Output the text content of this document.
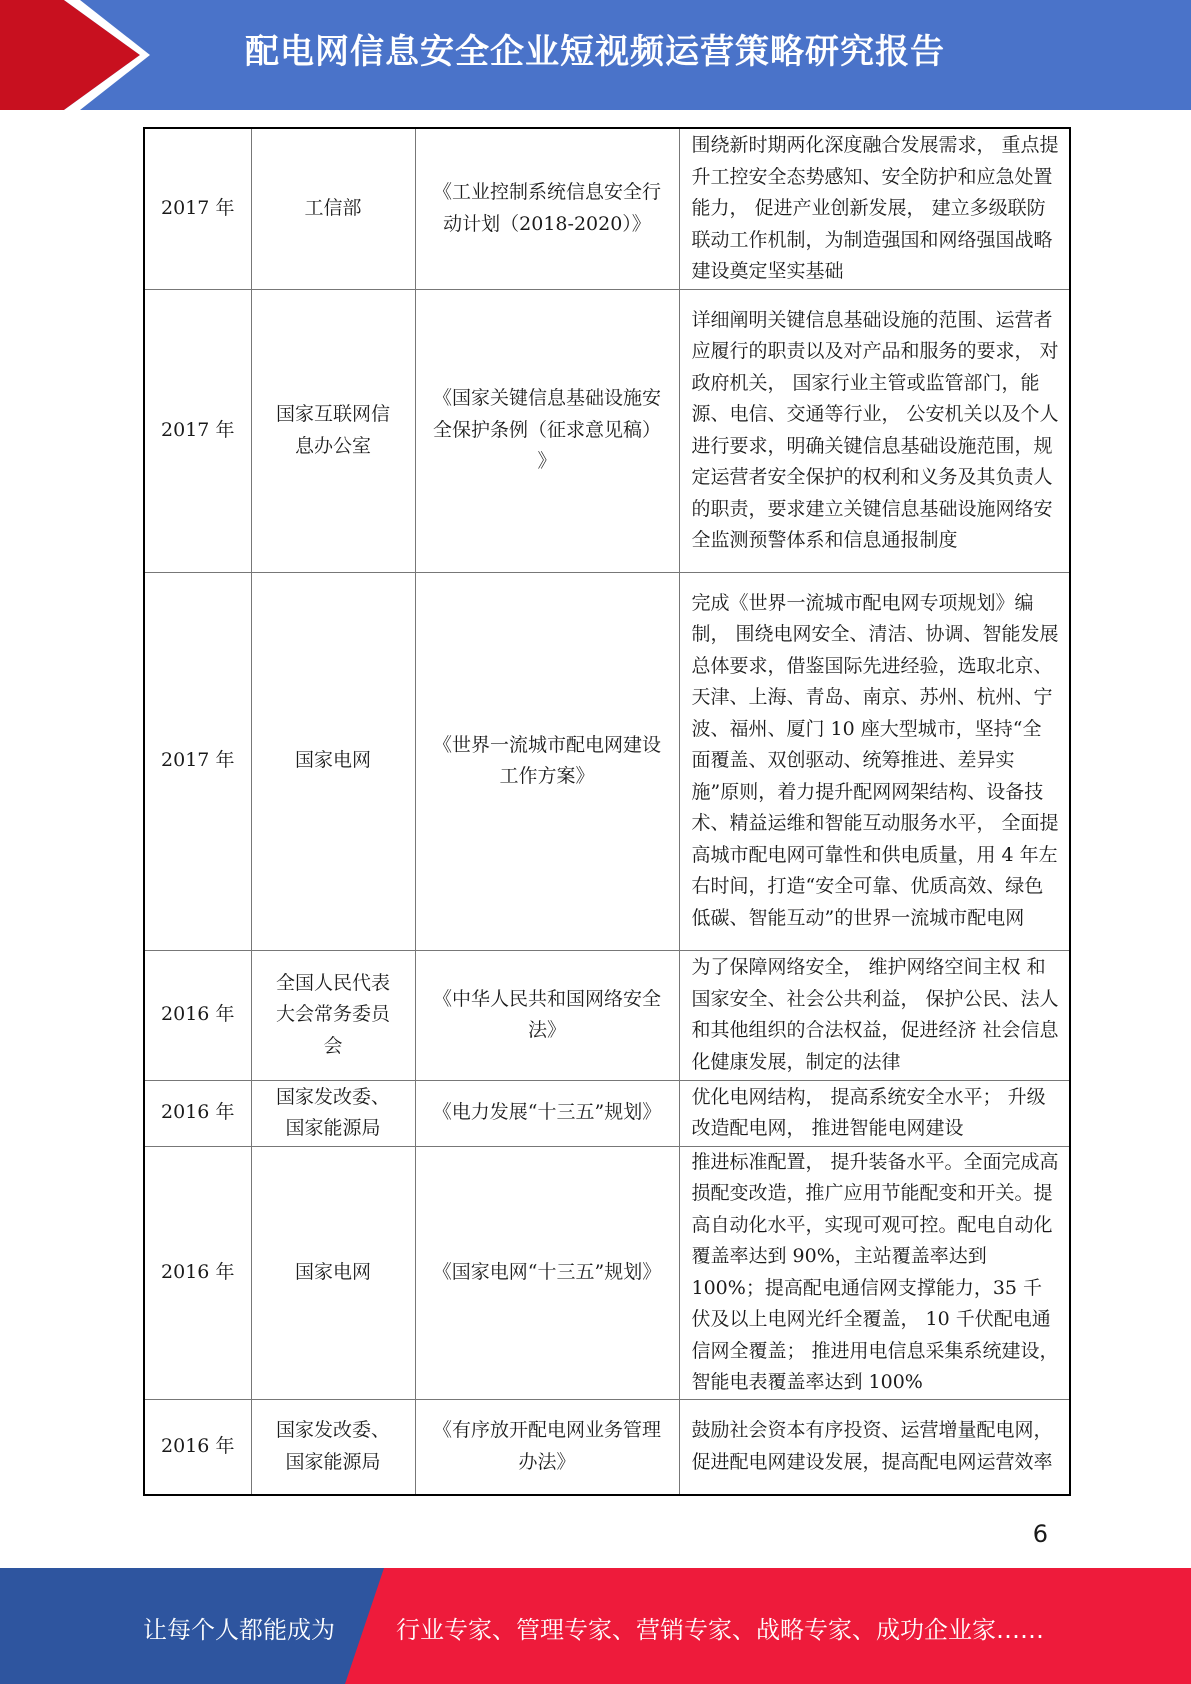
配电网信息安全企业短视频运营策略研究报告
2017 年	工信部	《工业控制系统信息安全行动计划（2018-2020）》	围绕新时期两化深度融合发展需求， 重点提升工控安全态势感知、安全防护和应急处置能力， 促进产业创新发展， 建立多级联防联动工作机制，为制造强国和网络强国战略建设奠定坚实基础
2017 年	国家互联网信息办公室	《国家关键信息基础设施安全保护条例（征求意见稿） 》	详细阐明关键信息基础设施的范围、运营者应履行的职责以及对产品和服务的要求， 对政府机关， 国家行业主管或监管部门，能源、电信、交通等行业， 公安机关以及个人进行要求，明确关键信息基础设施范围，规定运营者安全保护的权利和义务及其负责人的职责，要求建立关键信息基础设施网络安全监测预警体系和信息通报制度
2017 年	国家电网	《世界一流城市配电网建设工作方案》	完成《世界一流城市配电网专项规划》编制， 围绕电网安全、清洁、协调、智能发展总体要求，借鉴国际先进经验，选取北京、天津、上海、青岛、南京、苏州、杭州、宁波、福州、厦门 10 座大型城市，坚持“全面覆盖、双创驱动、统筹推进、差异实施”原则，着力提升配网网架结构、设备技术、精益运维和智能互动服务水平， 全面提高城市配电网可靠性和供电质量，用 4 年左右时间，打造“安全可靠、优质高效、绿色低碳、智能互动”的世界一流城市配电网
2016 年	全国人民代表大会常务委员会	《中华人民共和国网络安全法》	为了保障网络安全， 维护网络空间主权 和国家安全、社会公共利益， 保护公民、法人和其他组织的合法权益，促进经济 社会信息化健康发展，制定的法律
2016 年	国家发改委、国家能源局	《电力发展“十三五”规划》	优化电网结构， 提高系统安全水平； 升级改造配电网， 推进智能电网建设
2016 年	国家电网	《国家电网“十三五”规划》	推进标准配置， 提升装备水平。全面完成高损配变改造，推广应用节能配变和开关。提高自动化水平，实现可观可控。配电自动化覆盖率达到 90%，主站覆盖率达到 100%；提高配电通信网支撑能力，35 千伏及以上电网光纤全覆盖， 10 千伏配电通信网全覆盖； 推进用电信息采集系统建设， 智能电表覆盖率达到 100%
2016 年	国家发改委、国家能源局	《有序放开配电网业务管理办法》	鼓励社会资本有序投资、运营增量配电网，促进配电网建设发展，提高配电网运营效率
6
让每个人都能成为	行业专家、管理专家、营销专家、战略专家、成功企业家……
